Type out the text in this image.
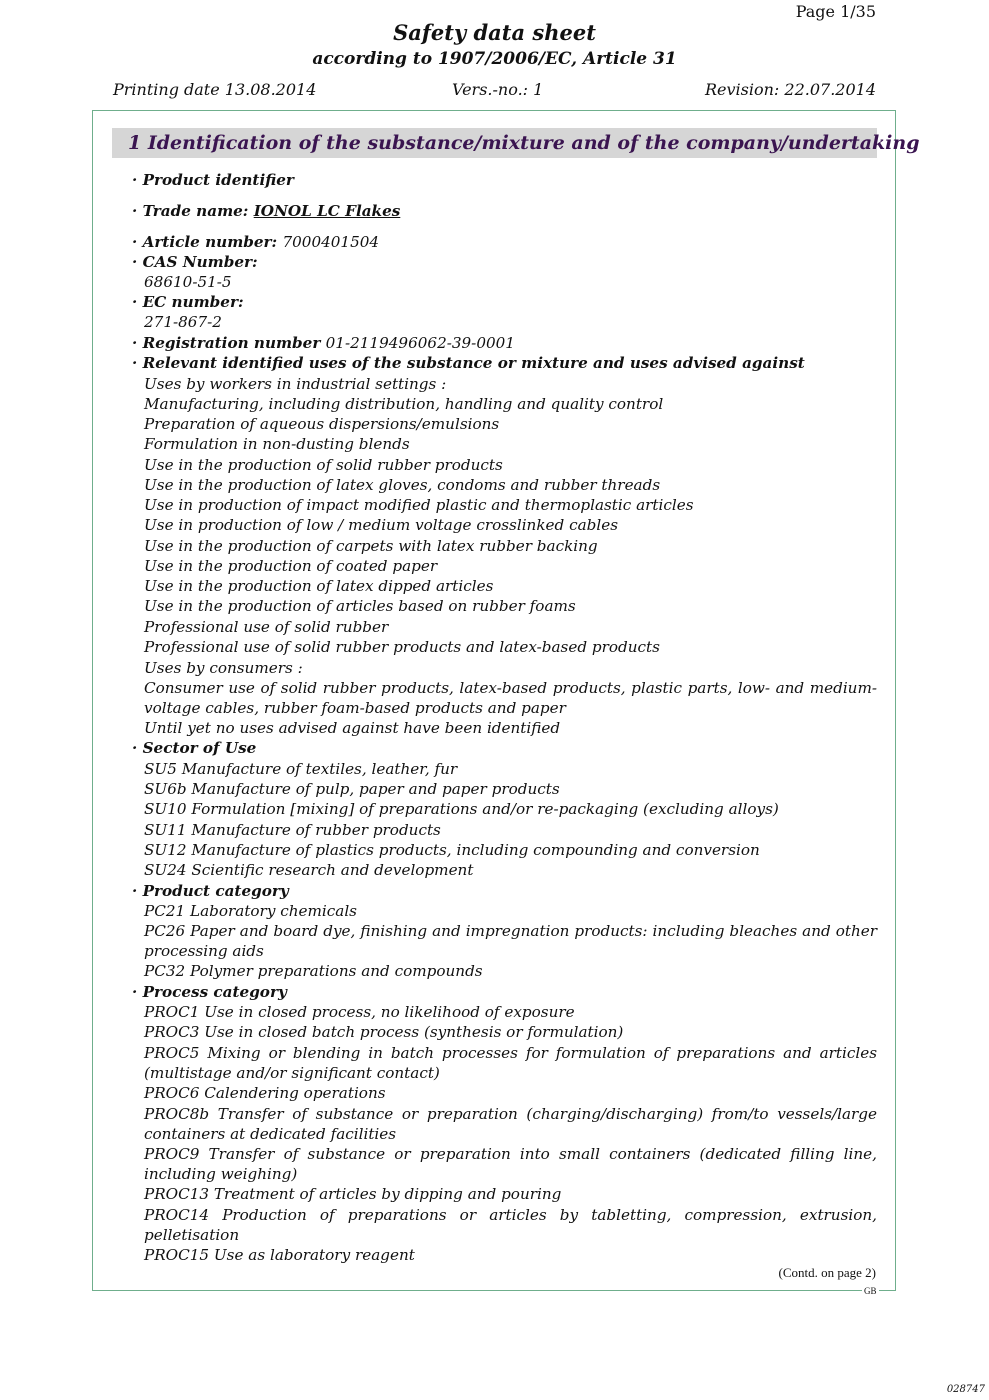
Page 1/35
Safety data sheet
according to 1907/2006/EC, Article 31
Printing date 13.08.2014	Vers.-no.: 1	Revision: 22.07.2014
1 Identification of the substance/mixture and of the company/undertaking
· Product identifier
· Trade name: IONOL LC Flakes
· Article number: 7000401504
· CAS Number:
68610-51-5
· EC number:
271-867-2
· Registration number 01-2119496062-39-0001
· Relevant identified uses of the substance or mixture and uses advised against
Uses by workers in industrial settings :
Manufacturing, including distribution, handling and quality control
Preparation of aqueous dispersions/emulsions
Formulation in non-dusting blends
Use in the production of solid rubber products
Use in the production of latex gloves, condoms and rubber threads
Use in production of impact modified plastic and thermoplastic articles
Use in production of low / medium voltage crosslinked cables
Use in the production of carpets with latex rubber backing
Use in the production of coated paper
Use in the production of latex dipped articles
Use in the production of articles based on rubber foams
Professional use of solid rubber
Professional use of solid rubber products and latex-based products
Uses by consumers :
Consumer use of solid rubber products, latex-based products, plastic parts, low- and medium-
voltage cables, rubber foam-based products and paper
Until yet no uses advised against have been identified
· Sector of Use
SU5 Manufacture of textiles, leather, fur
SU6b Manufacture of pulp, paper and paper products
SU10 Formulation [mixing] of preparations and/or re-packaging (excluding alloys)
SU11 Manufacture of rubber products
SU12 Manufacture of plastics products, including compounding and conversion
SU24 Scientific research and development
· Product category
PC21 Laboratory chemicals
PC26 Paper and board dye, finishing and impregnation products: including bleaches and other
processing aids
PC32 Polymer preparations and compounds
· Process category
PROC1 Use in closed process, no likelihood of exposure
PROC3 Use in closed batch process (synthesis or formulation)
PROC5 Mixing or blending in batch processes for formulation of preparations and articles
(multistage and/or significant contact)
PROC6 Calendering operations
PROC8b Transfer of substance or preparation (charging/discharging) from/to vessels/large
containers at dedicated facilities
PROC9 Transfer of substance or preparation into small containers (dedicated filling line,
including weighing)
PROC13 Treatment of articles by dipping and pouring
PROC14 Production of preparations or articles by tabletting, compression, extrusion,
pelletisation
PROC15 Use as laboratory reagent
(Contd. on page 2)
GB
028747
